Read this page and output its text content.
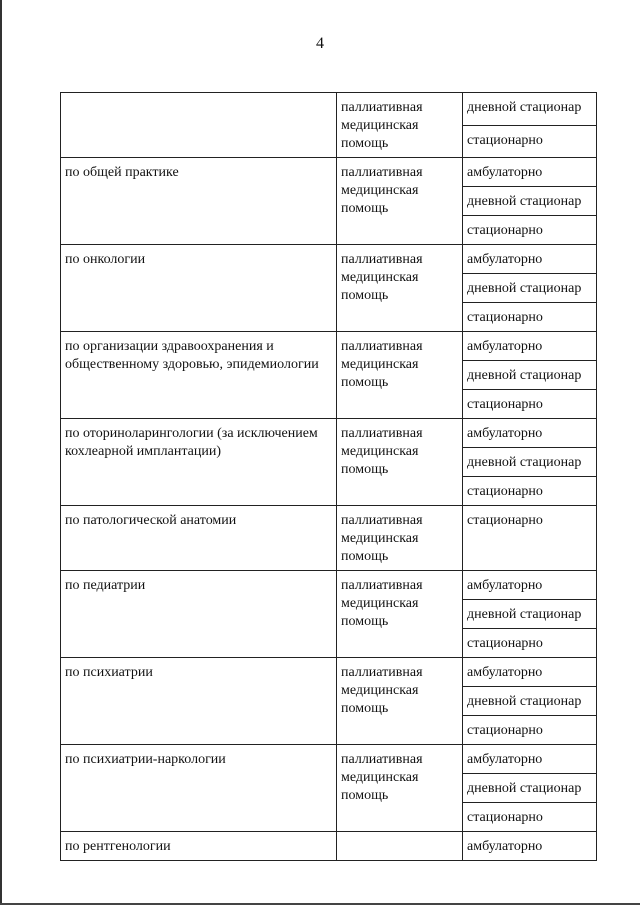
4
	паллиативная медицинская помощь	дневной стационар
		стационарно
по общей практике	паллиативная медицинская помощь	амбулаторно
		дневной стационар
		стационарно
по онкологии	паллиативная медицинская помощь	амбулаторно
		дневной стационар
		стационарно
по организации здравоохранения и общественному здоровью, эпидемиологии	паллиативная медицинская помощь	амбулаторно
		дневной стационар
		стационарно
по оториноларингологии (за исключением кохлеарной имплантации)	паллиативная медицинская помощь	амбулаторно
		дневной стационар
		стационарно
по патологической анатомии	паллиативная медицинская помощь	стационарно
по педиатрии	паллиативная медицинская помощь	амбулаторно
		дневной стационар
		стационарно
по психиатрии	паллиативная медицинская помощь	амбулаторно
		дневной стационар
		стационарно
по психиатрии-наркологии	паллиативная медицинская помощь	амбулаторно
		дневной стационар
		стационарно
по рентгенологии		амбулаторно
